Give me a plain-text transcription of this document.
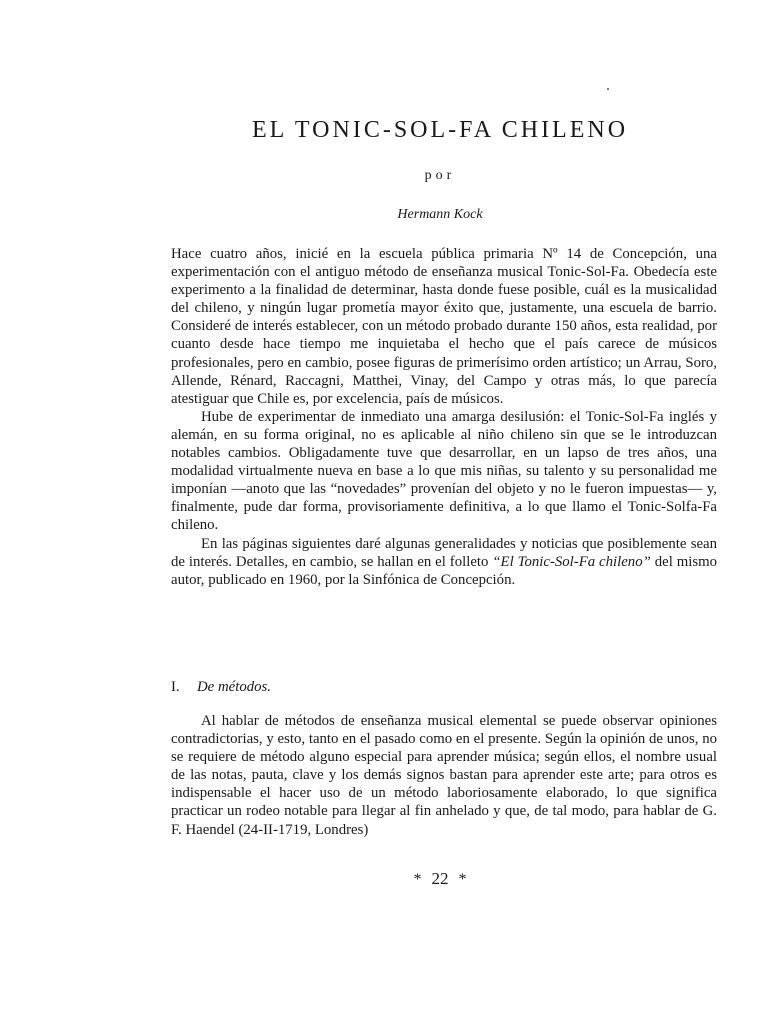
EL TONIC-SOL-FA CHILENO

por

Hermann Kock

Hace cuatro años, inicié en la escuela pública primaria Nº 14 de Concepción, una experimentación con el antiguo método de enseñanza musical Tonic-Sol-Fa. Obedecía este experimento a la finalidad de determinar, hasta donde fuese posible, cuál es la musicalidad del chileno, y ningún lugar prometía mayor éxito que, justamente, una escuela de barrio. Consideré de interés establecer, con un método probado durante 150 años, esta realidad, por cuanto desde hace tiempo me inquietaba el hecho que el país carece de músicos profesionales, pero en cambio, posee figuras de primerísimo orden artístico; un Arrau, Soro, Allende, Rénard, Raccagni, Matthei, Vinay, del Campo y otras más, lo que parecía atestiguar que Chile es, por excelencia, país de músicos.

Hube de experimentar de inmediato una amarga desilusión: el Tonic-Sol-Fa inglés y alemán, en su forma original, no es aplicable al niño chileno sin que se le introduzcan notables cambios. Obligadamente tuve que desarrollar, en un lapso de tres años, una modalidad virtualmente nueva en base a lo que mis niñas, su talento y su personalidad me imponían —anoto que las “novedades” provenían del objeto y no le fueron impuestas— y, finalmente, pude dar forma, provisoriamente definitiva, a lo que llamo el Tonic-Solfa-Fa chileno.

En las páginas siguientes daré algunas generalidades y noticias que posiblemente sean de interés. Detalles, en cambio, se hallan en el folleto “El Tonic-Sol-Fa chileno” del mismo autor, publicado en 1960, por la Sinfónica de Concepción.

I. De métodos.

Al hablar de métodos de enseñanza musical elemental se puede observar opiniones contradictorias, y esto, tanto en el pasado como en el presente. Según la opinión de unos, no se requiere de método alguno especial para aprender música; según ellos, el nombre usual de las notas, pauta, clave y los demás signos bastan para aprender este arte; para otros es indispensable el hacer uso de un método laboriosamente elaborado, lo que significa practicar un rodeo notable para llegar al fin anhelado y que, de tal modo, para hablar de G. F. Haendel (24-II-1719, Londres)

* 22 *
